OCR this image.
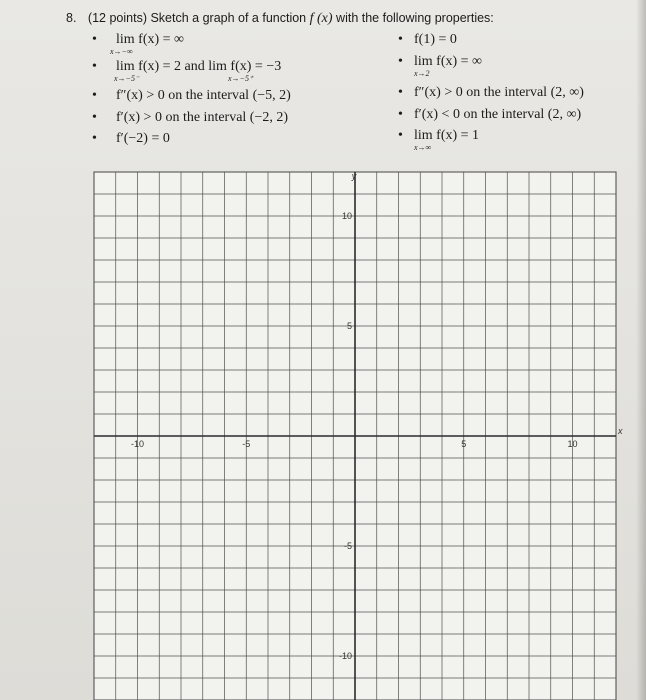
8. (12 points) Sketch a graph of a function f (x) with the following properties:
• lim f(x) = ∞
x→−∞
• lim f(x) = 2 and lim f(x) = −3
x→−5⁻	x→−5⁺
• f″(x) > 0 on the interval (−5, 2)
• f′(x) > 0 on the interval (−2, 2)
• f′(−2) = 0
• f(1) = 0
• lim f(x) = ∞
x→2
• f″(x) > 0 on the interval (2, ∞)
• f′(x) < 0 on the interval (2, ∞)
• lim f(x) = 1
x→∞
-10	-5	5	10
10
5
-5
-10
x
y
